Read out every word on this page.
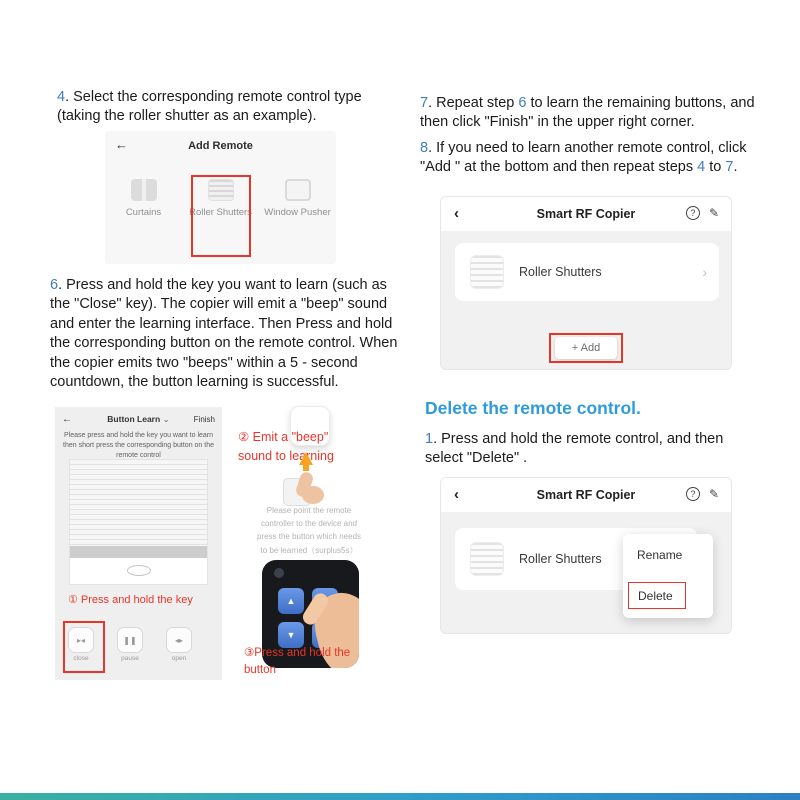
4. Select the corresponding remote control type (taking the roller shutter as an example).

←	Add Remote
Curtains	Roller Shutters	Window Pusher

6. Press and hold the key you want to learn (such as the "Close" key). The copier will emit a "beep" sound and enter the learning interface. Then Press and hold the corresponding button on the remote control. When the copier emits two "beeps" within a 5 - second countdown, the button learning is successful.

←	Button Learn ⌄	Finish
Please press and hold the key you want to learn then short press the corresponding button on the remote control
① Press and hold the key
▸◂
close
❚❚
pause
◂▸
open
② Emit a "beep"
sound to learning
Please point the remote
controller to the device and
press the button which needs
to be learned（surplus5s）
▲
▼
③Press and hold the
button

7. Repeat step 6 to learn the remaining buttons, and then click "Finish" in the upper right corner.

8. If you need to learn another remote control, click "Add " at the bottom and then repeat steps 4 to 7.

‹	Smart RF Copier	?	✎
Roller Shutters	›
+ Add
Delete the remote control.

1. Press and hold the remote control, and then select "Delete" .

‹	Smart RF Copier	?	✎
Roller Shutters	Rename
Delete
